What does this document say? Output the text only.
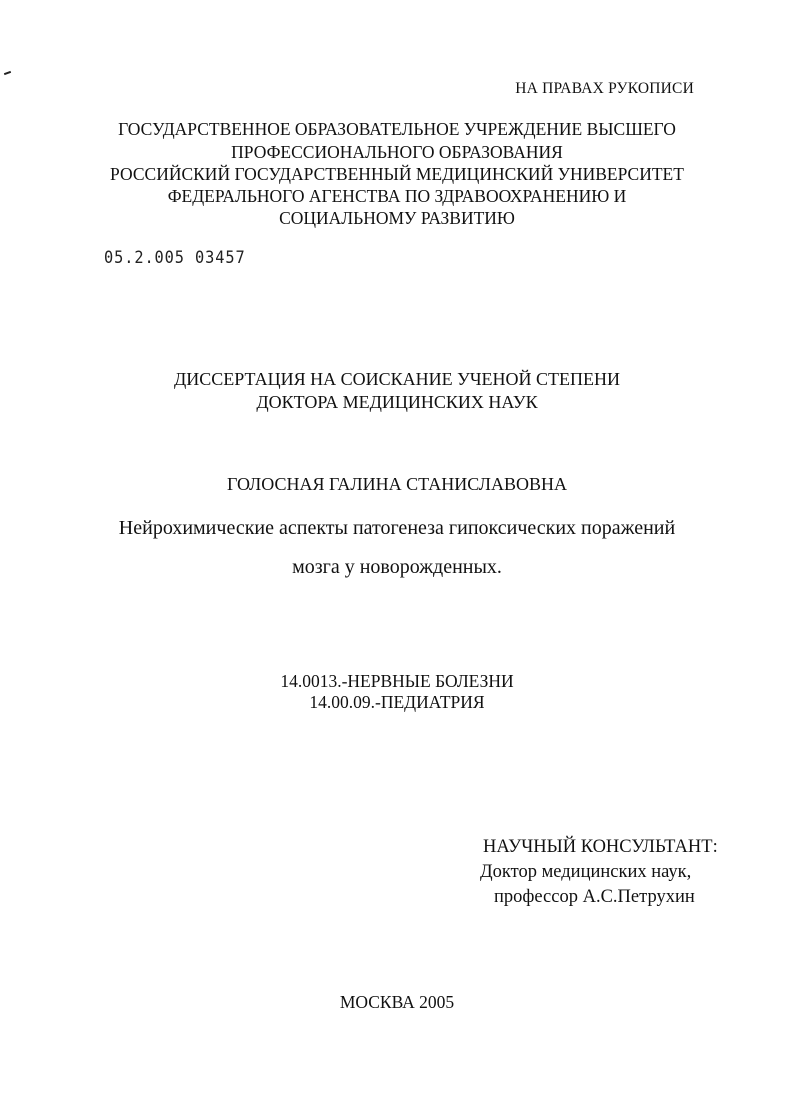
НА ПРАВАХ РУКОПИСИ

ГОСУДАРСТВЕННОЕ ОБРАЗОВАТЕЛЬНОЕ УЧРЕЖДЕНИЕ ВЫСШЕГО

ПРОФЕССИОНАЛЬНОГО ОБРАЗОВАНИЯ

РОССИЙСКИЙ ГОСУДАРСТВЕННЫЙ МЕДИЦИНСКИЙ УНИВЕРСИТЕТ

ФЕДЕРАЛЬНОГО АГЕНСТВА ПО ЗДРАВООХРАНЕНИЮ И

СОЦИАЛЬНОМУ РАЗВИТИЮ

05.2.005 03457

ДИССЕРТАЦИЯ НА СОИСКАНИЕ УЧЕНОЙ СТЕПЕНИ

ДОКТОРА МЕДИЦИНСКИХ НАУК

ГОЛОСНАЯ ГАЛИНА СТАНИСЛАВОВНА

Нейрохимические аспекты патогенеза гипоксических поражений

мозга у новорожденных.

14.0013.-НЕРВНЫЕ БОЛЕЗНИ

14.00.09.-ПЕДИАТРИЯ

НАУЧНЫЙ КОНСУЛЬТАНТ:

Доктор медицинских наук,

профессор А.С.Петрухин

МОСКВА 2005
